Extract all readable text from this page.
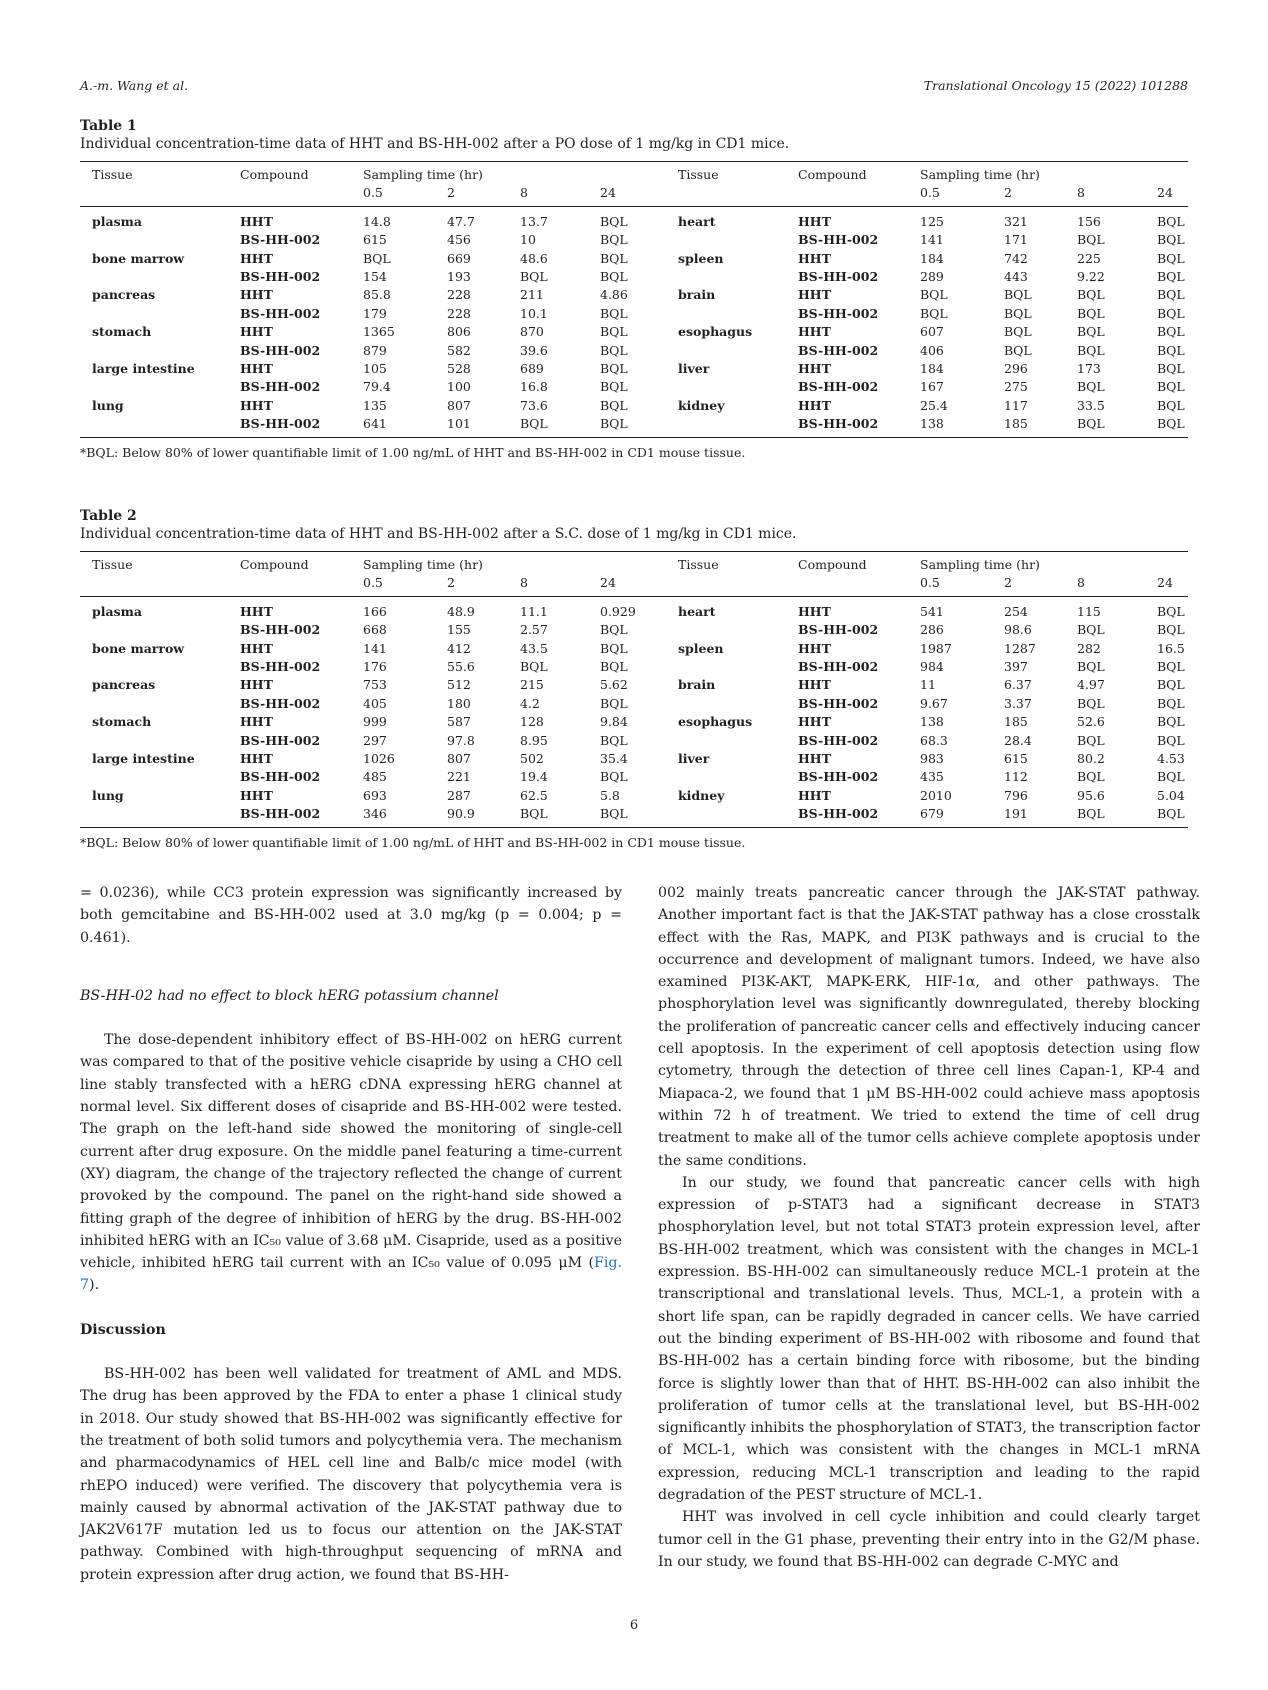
A.-m. Wang et al.	Translational Oncology 15 (2022) 101288
Table 1
Individual concentration-time data of HHT and BS-HH-002 after a PO dose of 1 mg/kg in CD1 mice.
Tissue	Compound	Sampling time (hr)				Tissue	Compound	Sampling time (hr)			
		0.5	2	8	24			0.5	2	8	24
plasma	HHT	14.8	47.7	13.7	BQL	heart	HHT	125	321	156	BQL
	BS-HH-002	615	456	10	BQL		BS-HH-002	141	171	BQL	BQL
bone marrow	HHT	BQL	669	48.6	BQL	spleen	HHT	184	742	225	BQL
	BS-HH-002	154	193	BQL	BQL		BS-HH-002	289	443	9.22	BQL
pancreas	HHT	85.8	228	211	4.86	brain	HHT	BQL	BQL	BQL	BQL
	BS-HH-002	179	228	10.1	BQL		BS-HH-002	BQL	BQL	BQL	BQL
stomach	HHT	1365	806	870	BQL	esophagus	HHT	607	BQL	BQL	BQL
	BS-HH-002	879	582	39.6	BQL		BS-HH-002	406	BQL	BQL	BQL
large intestine	HHT	105	528	689	BQL	liver	HHT	184	296	173	BQL
	BS-HH-002	79.4	100	16.8	BQL		BS-HH-002	167	275	BQL	BQL
lung	HHT	135	807	73.6	BQL	kidney	HHT	25.4	117	33.5	BQL
	BS-HH-002	641	101	BQL	BQL		BS-HH-002	138	185	BQL	BQL
*BQL: Below 80% of lower quantifiable limit of 1.00 ng/mL of HHT and BS-HH-002 in CD1 mouse tissue.
Table 2
Individual concentration-time data of HHT and BS-HH-002 after a S.C. dose of 1 mg/kg in CD1 mice.
Tissue	Compound	Sampling time (hr)				Tissue	Compound	Sampling time (hr)			
		0.5	2	8	24			0.5	2	8	24
plasma	HHT	166	48.9	11.1	0.929	heart	HHT	541	254	115	BQL
	BS-HH-002	668	155	2.57	BQL		BS-HH-002	286	98.6	BQL	BQL
bone marrow	HHT	141	412	43.5	BQL	spleen	HHT	1987	1287	282	16.5
	BS-HH-002	176	55.6	BQL	BQL		BS-HH-002	984	397	BQL	BQL
pancreas	HHT	753	512	215	5.62	brain	HHT	11	6.37	4.97	BQL
	BS-HH-002	405	180	4.2	BQL		BS-HH-002	9.67	3.37	BQL	BQL
stomach	HHT	999	587	128	9.84	esophagus	HHT	138	185	52.6	BQL
	BS-HH-002	297	97.8	8.95	BQL		BS-HH-002	68.3	28.4	BQL	BQL
large intestine	HHT	1026	807	502	35.4	liver	HHT	983	615	80.2	4.53
	BS-HH-002	485	221	19.4	BQL		BS-HH-002	435	112	BQL	BQL
lung	HHT	693	287	62.5	5.8	kidney	HHT	2010	796	95.6	5.04
	BS-HH-002	346	90.9	BQL	BQL		BS-HH-002	679	191	BQL	BQL
*BQL: Below 80% of lower quantifiable limit of 1.00 ng/mL of HHT and BS-HH-002 in CD1 mouse tissue.

= 0.0236), while CC3 protein expression was significantly increased by both gemcitabine and BS-HH-002 used at 3.0 mg/kg (p = 0.004; p = 0.461).

BS-HH-02 had no effect to block hERG potassium channel

The dose-dependent inhibitory effect of BS-HH-002 on hERG current was compared to that of the positive vehicle cisapride by using a CHO cell line stably transfected with a hERG cDNA expressing hERG channel at normal level. Six different doses of cisapride and BS-HH-002 were tested. The graph on the left-hand side showed the monitoring of single-cell current after drug exposure. On the middle panel featuring a time-current (XY) diagram, the change of the trajectory reflected the change of current provoked by the compound. The panel on the right-hand side showed a fitting graph of the degree of inhibition of hERG by the drug. BS-HH-002 inhibited hERG with an IC₅₀ value of 3.68 μM. Cisapride, used as a positive vehicle, inhibited hERG tail current with an IC₅₀ value of 0.095 μM (Fig. 7).

Discussion

BS-HH-002 has been well validated for treatment of AML and MDS. The drug has been approved by the FDA to enter a phase 1 clinical study in 2018. Our study showed that BS-HH-002 was significantly effective for the treatment of both solid tumors and polycythemia vera. The mechanism and pharmacodynamics of HEL cell line and Balb/c mice model (with rhEPO induced) were verified. The discovery that polycythemia vera is mainly caused by abnormal activation of the JAK-STAT pathway due to JAK2V617F mutation led us to focus our attention on the JAK-STAT pathway. Combined with high-throughput sequencing of mRNA and protein expression after drug action, we found that BS-HH-

002 mainly treats pancreatic cancer through the JAK-STAT pathway. Another important fact is that the JAK-STAT pathway has a close crosstalk effect with the Ras, MAPK, and PI3K pathways and is crucial to the occurrence and development of malignant tumors. Indeed, we have also examined PI3K-AKT, MAPK-ERK, HIF-1α, and other pathways. The phosphorylation level was significantly downregulated, thereby blocking the proliferation of pancreatic cancer cells and effectively inducing cancer cell apoptosis. In the experiment of cell apoptosis detection using flow cytometry, through the detection of three cell lines Capan-1, KP-4 and Miapaca-2, we found that 1 μM BS-HH-002 could achieve mass apoptosis within 72 h of treatment. We tried to extend the time of cell drug treatment to make all of the tumor cells achieve complete apoptosis under the same conditions.

In our study, we found that pancreatic cancer cells with high expression of p-STAT3 had a significant decrease in STAT3 phosphorylation level, but not total STAT3 protein expression level, after BS-HH-002 treatment, which was consistent with the changes in MCL-1 expression. BS-HH-002 can simultaneously reduce MCL-1 protein at the transcriptional and translational levels. Thus, MCL-1, a protein with a short life span, can be rapidly degraded in cancer cells. We have carried out the binding experiment of BS-HH-002 with ribosome and found that BS-HH-002 has a certain binding force with ribosome, but the binding force is slightly lower than that of HHT. BS-HH-002 can also inhibit the proliferation of tumor cells at the translational level, but BS-HH-002 significantly inhibits the phosphorylation of STAT3, the transcription factor of MCL-1, which was consistent with the changes in MCL-1 mRNA expression, reducing MCL-1 transcription and leading to the rapid degradation of the PEST structure of MCL-1.

HHT was involved in cell cycle inhibition and could clearly target tumor cell in the G1 phase, preventing their entry into in the G2/M phase. In our study, we found that BS-HH-002 can degrade C-MYC and

6
